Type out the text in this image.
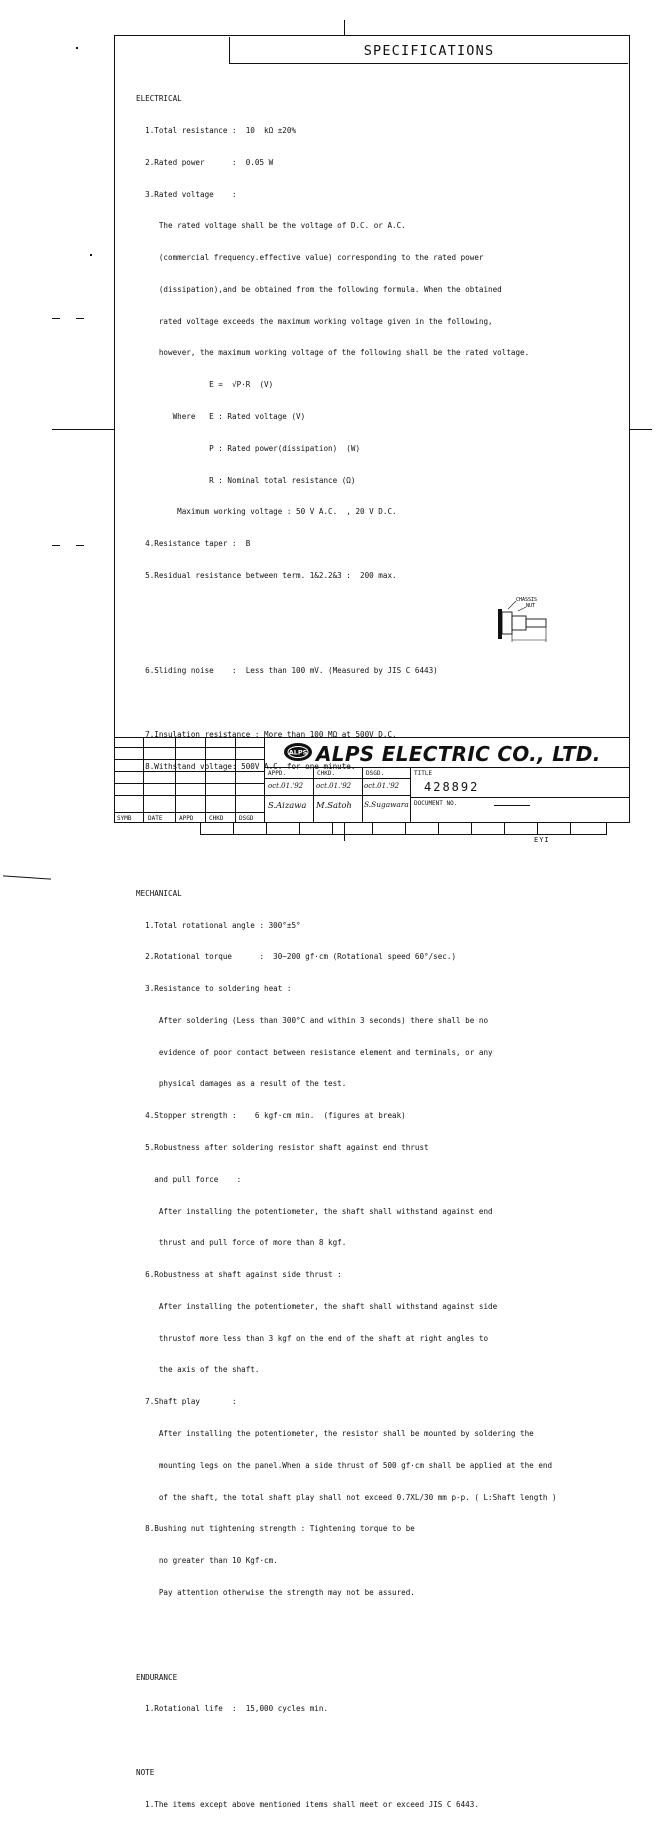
SPECIFICATIONS

ELECTRICAL

1.Total resistance :  10  kΩ ±20%

2.Rated power      :  0.05 W

3.Rated voltage    :

The rated voltage shall be the voltage of D.C. or A.C.

(commercial frequency.effective value) corresponding to the rated power

(dissipation),and be obtained from the following formula. When the obtained

rated voltage exceeds the maximum working voltage given in the following,

however, the maximum working voltage of the following shall be the rated voltage.

E =  √P·R  (V)

Where   E : Rated voltage (V)

P : Rated power(dissipation)  (W)

R : Nominal total resistance (Ω)

Maximum working voltage : 50 V A.C.  , 20 V D.C.

4.Resistance taper :  B

5.Residual resistance between term. 1&2.2&3 :  200 max.

6.Sliding noise    :  Less than 100 mV. (Measured by JIS C 6443)

7.Insulation resistance : More than 100 MΩ at 500V D.C.

8.Withstand voltage: 500V A.C. for one minute.

MECHANICAL

1.Total rotational angle : 300°±5°

2.Rotational torque      :  30~200 gf·cm (Rotational speed 60°/sec.)

3.Resistance to soldering heat :

After soldering (Less than 300°C and within 3 seconds) there shall be no

evidence of poor contact between resistance element and terminals, or any

physical damages as a result of the test.

4.Stopper strength :    6 kgf·cm min.  (figures at break)

5.Robustness after soldering resistor shaft against end thrust

and pull force    :

After installing the potentiometer, the shaft shall withstand against end

thrust and pull force of more than 8 kgf.

6.Robustness at shaft against side thrust :

After installing the potentiometer, the shaft shall withstand against side

thrustof more less than 3 kgf on the end of the shaft at right angles to

the axis of the shaft.

7.Shaft play       :

After installing the potentiometer, the resistor shall be mounted by soldering the

mounting legs on the panel.When a side thrust of 500 gf·cm shall be applied at the end

of the shaft, the total shaft play shall not exceed 0.7XL/30 mm p-p. ( L:Shaft length )

8.Bushing nut tightening strength : Tightening torque to be

no greater than 10 Kgf·cm.

Pay attention otherwise the strength may not be assured.

ENDURANCE

1.Rotational life  :  15,000 cycles min.

NOTE

1.The items except above mentioned items shall meet or exceed JIS C 6443.

CHASSIS
NUT
EYI
SYMB	DATE	APPD	CHKD	DSGD
ALPS ALPS ELECTRIC CO., LTD.
APPD.	CHKD.	DSGD.	TITLE
oct.01.'92 oct.01.'92 oct.01.'92
S.Aizawa M.Satoh S.Sugawara
428892
DOCUMENT NO.
